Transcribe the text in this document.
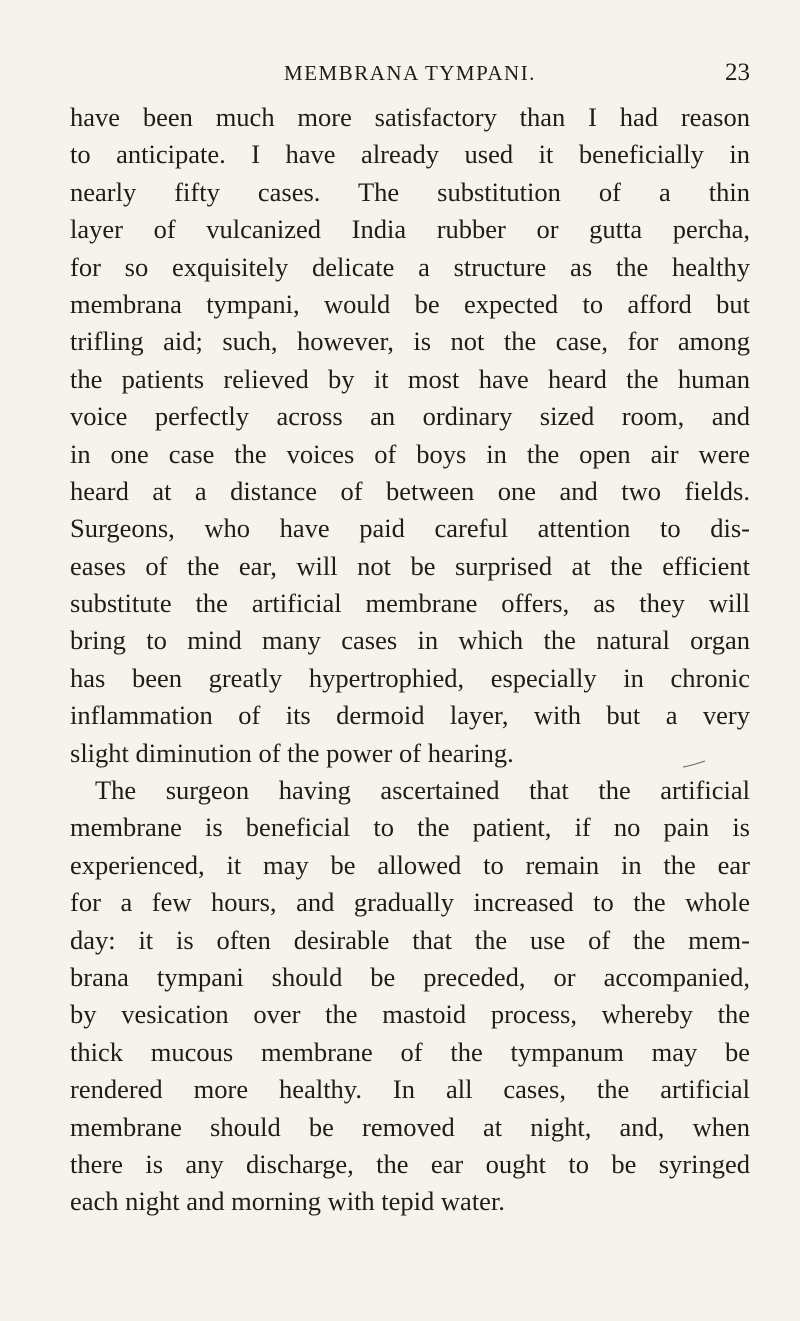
MEMBRANA TYMPANI.	23
have been much more satisfactory than I had reason
to anticipate. I have already used it beneficially in
nearly fifty cases. The substitution of a thin
layer of vulcanized India rubber or gutta percha,
for so exquisitely delicate a structure as the healthy
membrana tympani, would be expected to afford but
trifling aid; such, however, is not the case, for among
the patients relieved by it most have heard the human
voice perfectly across an ordinary sized room, and
in one case the voices of boys in the open air were
heard at a distance of between one and two fields.
Surgeons, who have paid careful attention to dis-
eases of the ear, will not be surprised at the efficient
substitute the artificial membrane offers, as they will
bring to mind many cases in which the natural organ
has been greatly hypertrophied, especially in chronic
inflammation of its dermoid layer, with but a very
slight diminution of the power of hearing.
The surgeon having ascertained that the artificial
membrane is beneficial to the patient, if no pain is
experienced, it may be allowed to remain in the ear
for a few hours, and gradually increased to the whole
day: it is often desirable that the use of the mem-
brana tympani should be preceded, or accompanied,
by vesication over the mastoid process, whereby the
thick mucous membrane of the tympanum may be
rendered more healthy. In all cases, the artificial
membrane should be removed at night, and, when
there is any discharge, the ear ought to be syringed
each night and morning with tepid water.
